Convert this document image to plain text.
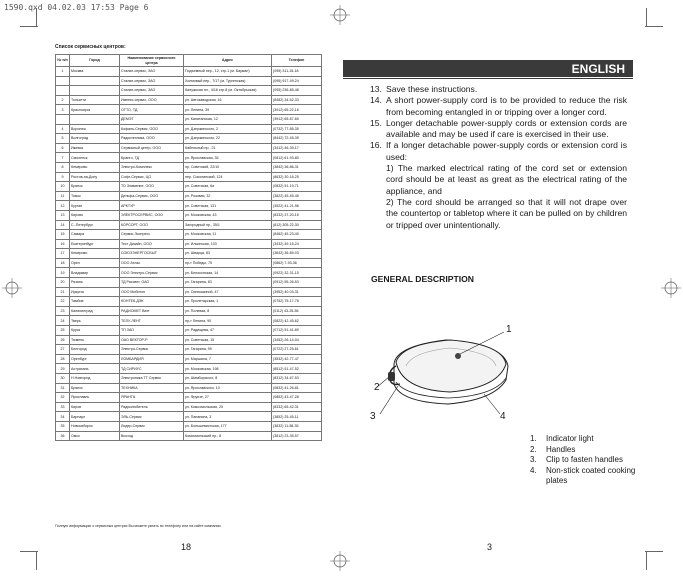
1590.qxd 04.02.03 17:53 Page 6
Список сервисных центров:
№ п/п	Город	Наименование сервисного центра	Адрес	Телефон
1	Москва	Сталин-сервис, ЗАО	Подъемный пер., 12, стр.1 (м. Бауман)	(095) 311-15-18
		Сталин-сервис, ЗАО	Холмовый пер., 7/17 (м. Тургенская)	(095) 917-49-24
		Сталин-сервис, ЗАО	Калужская пл., 4/16 стр.8 (м. Октябрьская)	(095) 236-85-48
2	Тольятти	Импекс-сервис, ООО	ул. Автозаводская, 16	(8482) 34-52-33
3	Красноярск	ОТТО, ТД	ул. Ленина, 39	(3912) 65-22-16
		ДЕМЭТ	ул. Капитанская, 12	(3912) 65-67-65
4	Воронеж	Кофаль-Сервис, ООО	ул. Дзержинского, 2	(0732) 77-85-35
5	Волгоград	Радиотехника, ООО	ул. Дзержинского, 22	(8442) 72-45-39
6	Ижевск	Сервисный центр, ООО	Кабельный пр., 21	(3412) 46-39-17
7	Смоленск	Бранго, ТД	ул. Ярославская, 35	(0812) 61-93-80
8	Кемерово	Электро-Комплекс	пр. Советский, 22/10	(3842) 36-86-31
9	Ростов-на-Дону	Софт-Сервис, ЦО	пер. Соколинский, 124	(8632) 30-16-25
10	Брянск	ТО Знамение, ООО	ул. Советская, 6а	(0832) 51-19-71
11	Томск	Дельфа-Сервис, ООО	ул. Розовая, 32	(3822) 45-45-45
12	Курган	АРКТУР	ул. Советская, 131	(3522) 41-21-96
13	Кирово	ЭЛЕКТРОСЕРВИС, ООО	ул. Московская, 43	(8332) 37-20-15
14	С.-Петербург	КОРСОРТ, ООО	Загородный пр., 35/1	(812) 305-22-30
15	Самара	Сервис-Экспресс	ул. Московская, 11	(8462) 45-23-40
16	Екатеринбург	Тест Дизайн, ООО	ул. Ильинская, 103	(3432) 49-15-24
17	Кемерово	СОЮЗЭНЕРГОСБЫТ	ул. Шварца, 83	(3842) 36-89-03
18	Орел	ООО Атлас	пр-т Победы, 75	(0862) 7-93-36
19	Владимир	ООО Электро-Сервис	ул. Белоконская, 14	(0922) 32-31-15
20	Рязань	ТД Рассвет, ОАО	ул. Гагарина, 83	(0912) 55-26-53
21	Иркутск	ООО Мобитон	ул. Синюшкиной, 47	(3952) 40-03-31
22	Тамбов	КОНТЕК-ДЭК	ул. Пролетарская, 1	(0752) 75-17-78
23	Калининград	РАДИОМЕТ Ватт	ул. Полевая, 8	(0112) 43-25-56
24	Тверь	ТЕЛУ-ЛЕНТ	пр-т Ленина, 90	(0822) 42-45-62
25	Курск	ТП ЗАО	ул. Радищева, 47	(0712) 51-41-89
26	Тюмень	ОАО ВЕКТОР-Р	ул. Советская, 15	(3452) 26-14-04
27	Белгород	Электро-Сервис	ул. Гагарина, 99	(0722) 27-25-61
28	Оренбург	ЛОМБАРДИЯ	ул. Маршала, 7	(3532) 42-77-47
29	Астрахань	ТД СИРИУС	ул. Московская, 198	(8512) 51-47-52
30	Н.Новгород	Электроника ТТ Сервис	ул. Шимборского, 8	(8312) 34-67-53
31	Брянск	ТЕХНИКА	ул. Ярославского, 10	(0832) 41-26-81
32	Ярославль	ЯРАНТА	ул. Фрунзе, 27	(0852) 43-47-28
33	Киров	Радиолюбитель	ул. Комсомольская, 25	(8332) 65-42-31
34	Барнаул	ЭЛЬ-Сервис	ул. Папанина, 3	(3852) 25-45-11
35	Новосибирск	Лидер-Сервис	ул. Большевистская, 177	(3832) 11-58-35
36	Омск	Восход	Комсомольский пр., 8	(3812) 23-35-57
Полную информацию о сервисных центрах Вы можете узнать по телефону или на сайте компании.
18
ENGLISH
13. Save these instructions.
14. A short power-supply cord is to be provided to reduce the risk from becoming entangled in or tripping over a longer cord.
15. Longer detachable power-supply cords or extension cords are available and may be used if care is exercised in their use.
16. If a longer detachable power-supply cords or extension cord is used:
1) The marked electrical rating of the cord set or extension cord should be at least as great as the electrical rating of the appliance, and
2) The cord should be arranged so that it will not drape over the countertop or tabletop where it can be pulled on by children or tripped over unintentionally.
GENERAL DESCRIPTION
1
2
3	4
1. Indicator light
2. Handles
3. Clip to fasten handles
4. Non-stick coated cooking plates
3
